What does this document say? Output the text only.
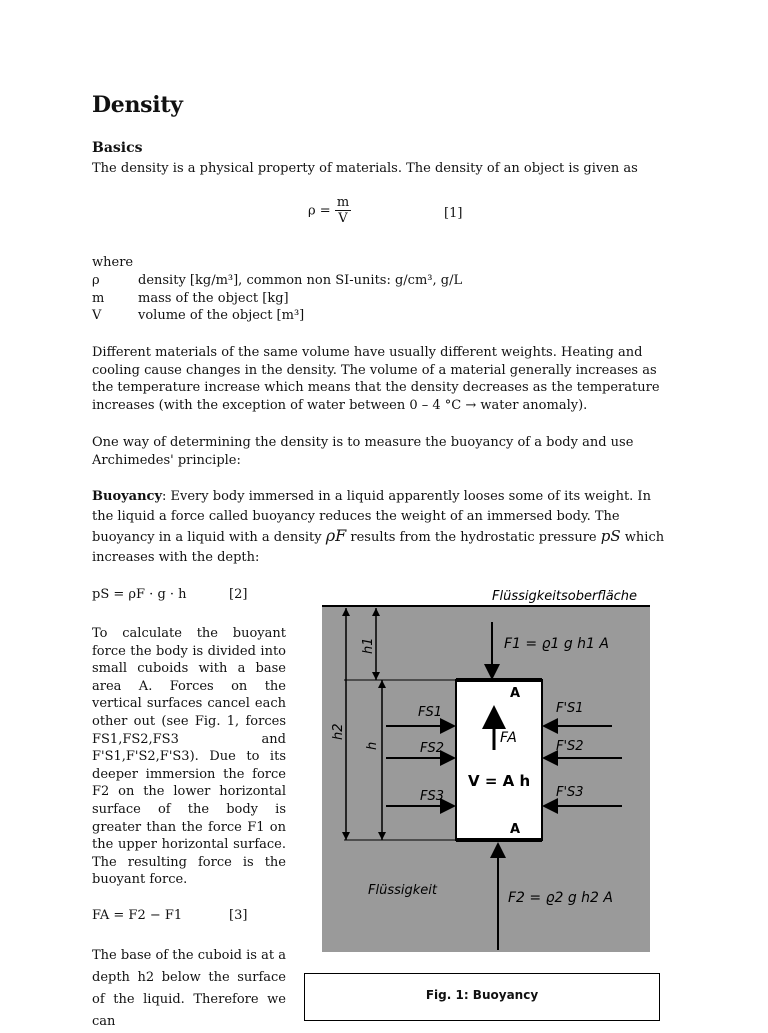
Density
Basics
The density is a physical property of materials. The density of an object is given as
$\rho = \frac{m}{V}$	[1]
where
ρ	density [kg/m³], common non SI-units: g/cm³, g/L
m	mass of the object [kg]
V	volume of the object [m³]
Different materials of the same volume have usually different weights. Heating and cooling cause changes in the density. The volume of a material generally increases as the temperature increase which means that the density decreases as the temperature increases (with the exception of water between 0 – 4 °C → water anomaly).
One way of determining the density is to measure the buoyancy of a body and use Archimedes' principle:
Buoyancy: Every body immersed in a liquid apparently looses some of its weight. In the liquid a force called buoyancy reduces the weight of an immersed body. The buoyancy in a liquid with a density ρF results from the hydrostatic pressure pS which increases with the depth:
pS = ρF · g · h	[2]
To calculate the buoyant force the body is divided into small cuboids with a base area A. Forces on the vertical surfaces cancel each other out (see Fig. 1, forces FS1,FS2,FS3 and F'S1,F'S2,F'S3). Due to its deeper immersion the force F2 on the lower horizontal surface of the body is greater than the force F1 on the upper horizontal surface. The resulting force is the buoyant force.
FA = F2 − F1	[3]
The base of the cuboid is at a depth h2 below the surface of the liquid. Therefore we can
Flüssigkeitsoberfläche
A
A
V = A h
FA
F1 = ϱ1 g h1 A
F2 = ϱ2 g h2 A
Flüssigkeit
FS1
FS2
FS3
F'S1
F'S2
F'S3
h2
h1
h
Fig. 1: Buoyancy
